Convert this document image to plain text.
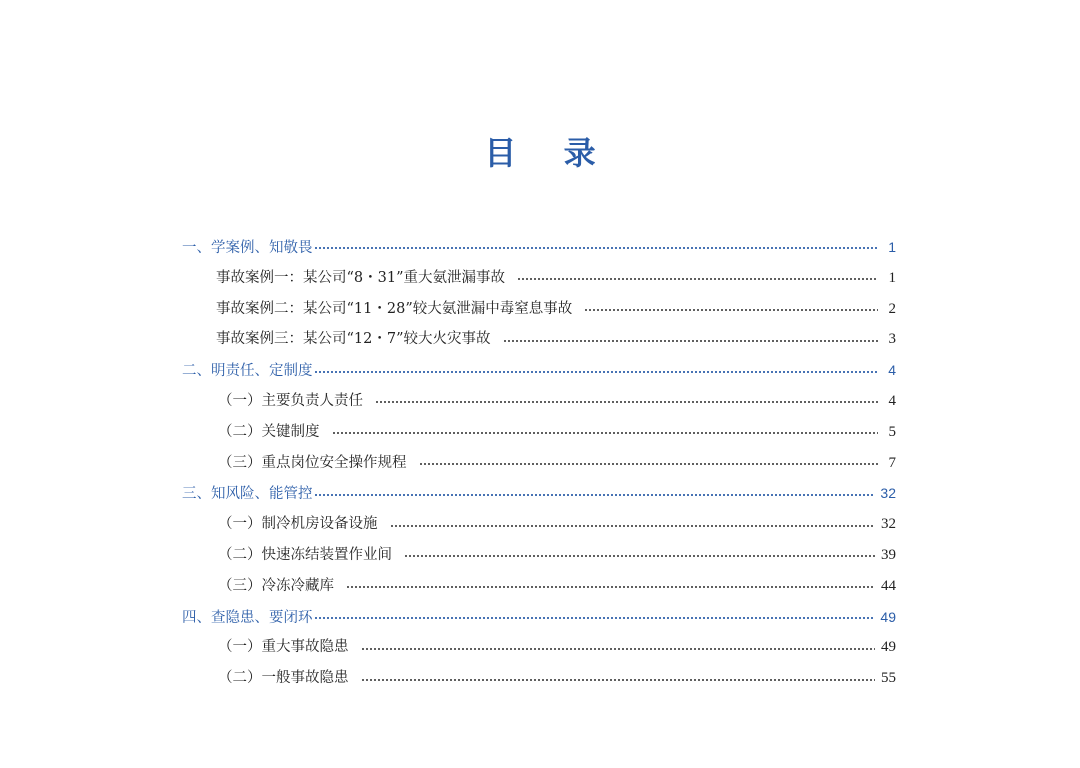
目 录
一、学案例、知敬畏	1
事故案例一：某公司“8・31”重大氨泄漏事故	1
事故案例二：某公司“11・28”较大氨泄漏中毒窒息事故	2
事故案例三：某公司“12・7”较大火灾事故	3
二、明责任、定制度	4
（一）主要负责人责任	4
（二）关键制度	5
（三）重点岗位安全操作规程	7
三、知风险、能管控	32
（一）制冷机房设备设施	32
（二）快速冻结装置作业间	39
（三）冷冻冷藏库	44
四、查隐患、要闭环	49
（一）重大事故隐患	49
（二）一般事故隐患	55
